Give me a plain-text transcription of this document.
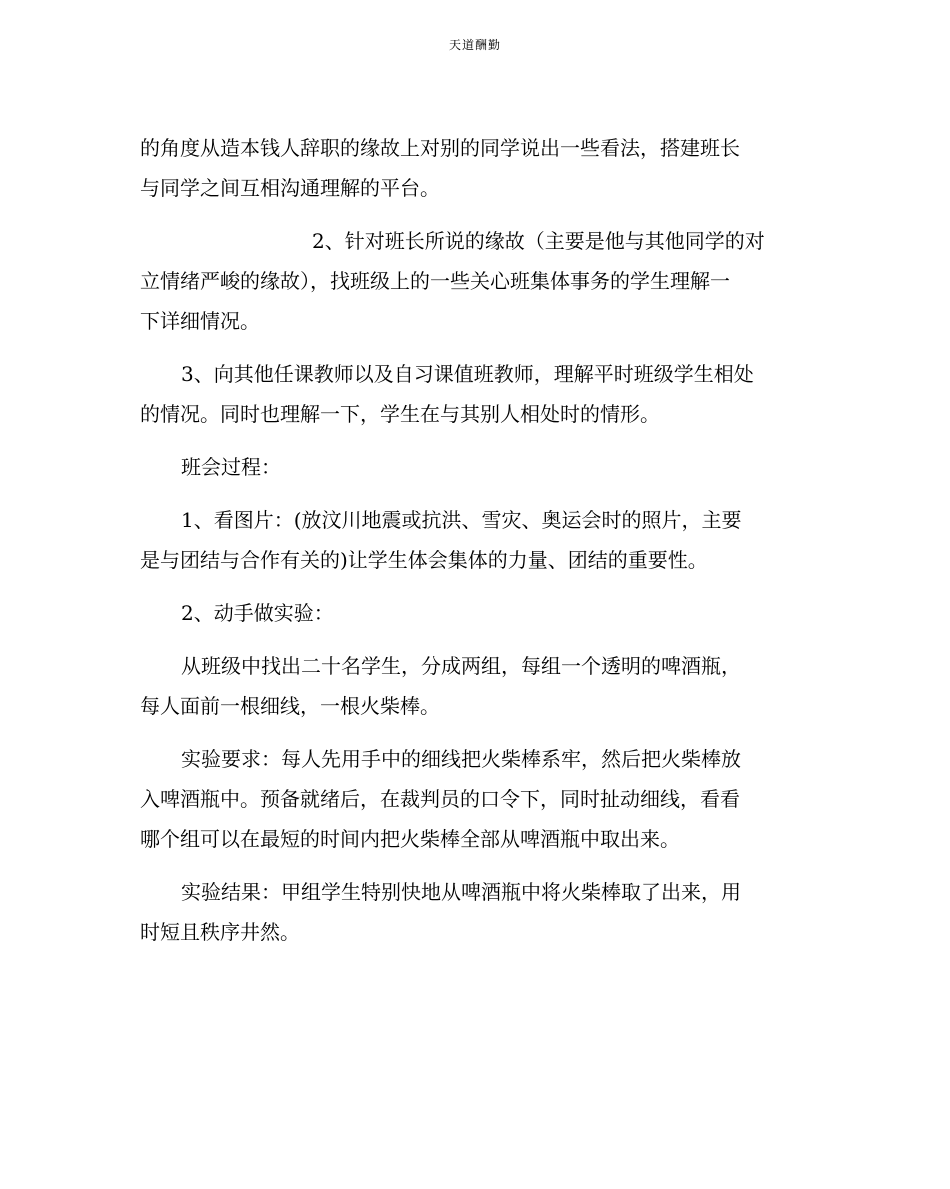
天道酬勤
的角度从造本钱人辞职的缘故上对别的同学说出一些看法，搭建班长
与同学之间互相沟通理解的平台。
2、针对班长所说的缘故（主要是他与其他同学的对
立情绪严峻的缘故），找班级上的一些关心班集体事务的学生理解一
下详细情况。
3、向其他任课教师以及自习课值班教师，理解平时班级学生相处
的情况。同时也理解一下，学生在与其别人相处时的情形。
班会过程：
1、看图片：(放汶川地震或抗洪、雪灾、奥运会时的照片，主要
是与团结与合作有关的)让学生体会集体的力量、团结的重要性。
2、动手做实验：
从班级中找出二十名学生，分成两组，每组一个透明的啤酒瓶，
每人面前一根细线，一根火柴棒。
实验要求：每人先用手中的细线把火柴棒系牢，然后把火柴棒放
入啤酒瓶中。预备就绪后，在裁判员的口令下，同时扯动细线，看看
哪个组可以在最短的时间内把火柴棒全部从啤酒瓶中取出来。
实验结果：甲组学生特别快地从啤酒瓶中将火柴棒取了出来，用
时短且秩序井然。
